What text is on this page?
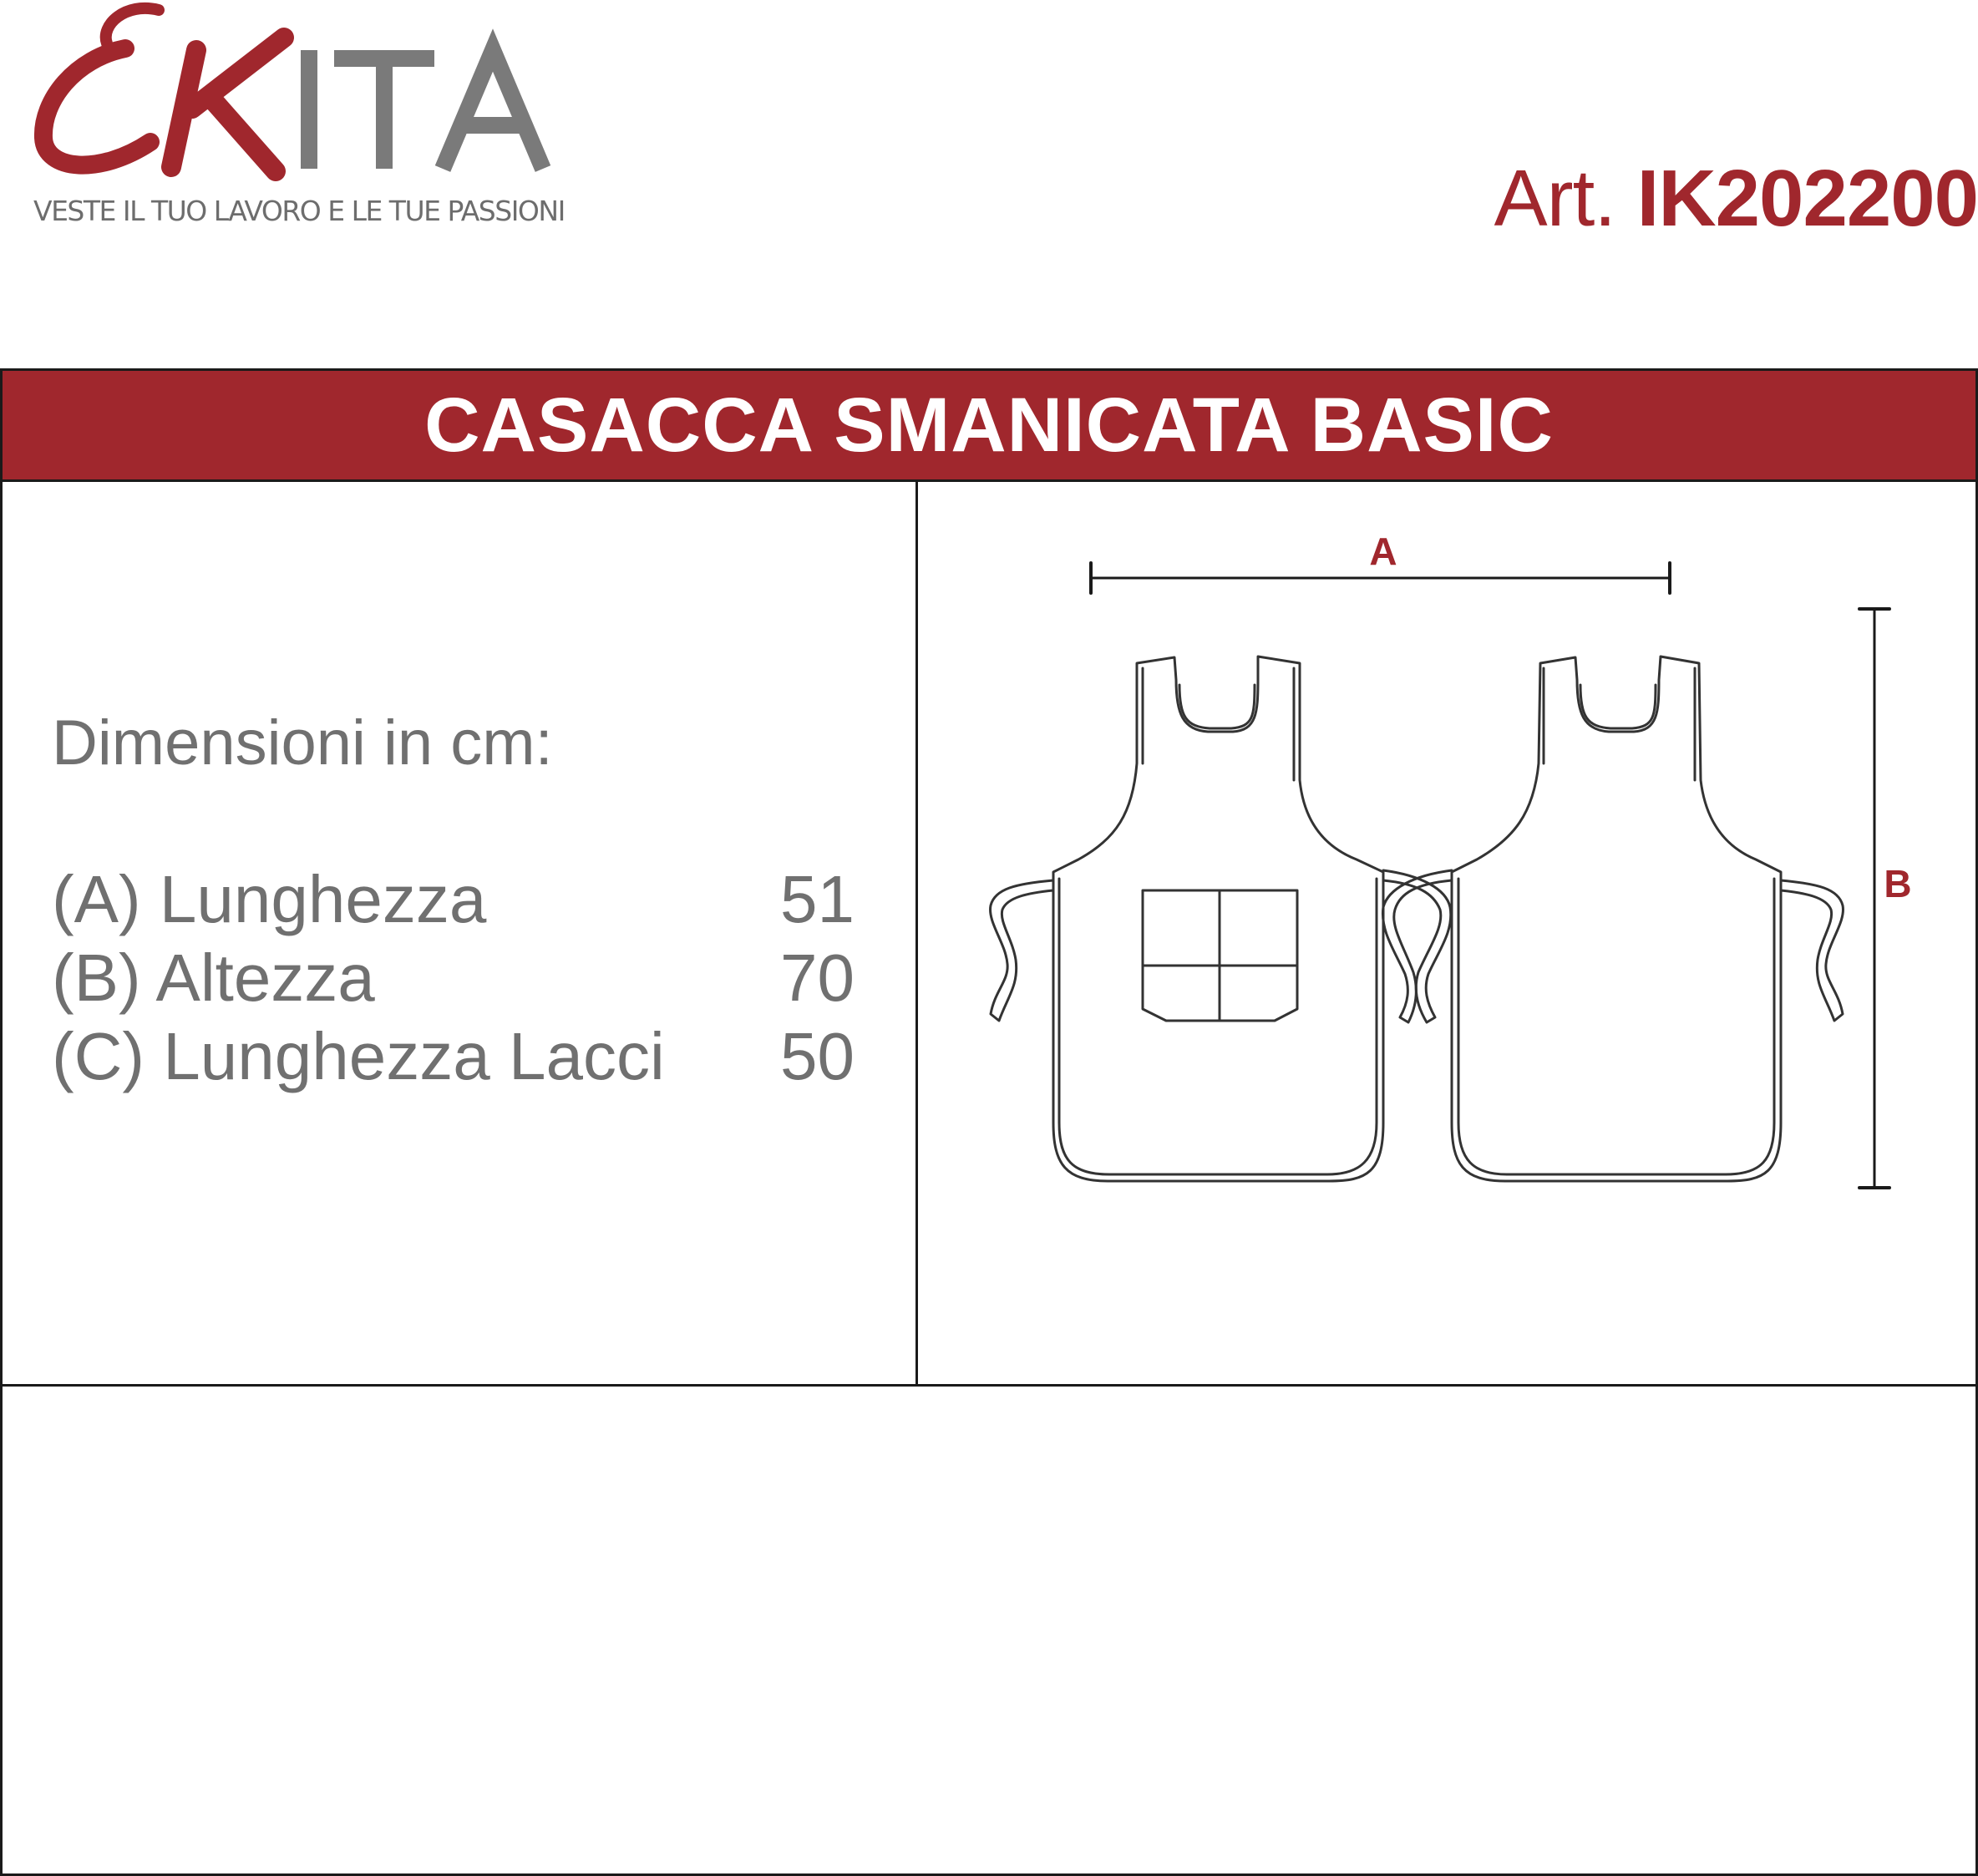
VESTE IL TUO LAVORO E LE TUE PASSIONI	Art. IK202200
CASACCA SMANICATA BASIC
Dimensioni in cm:
(A) Lunghezza	51
(B) Altezza	70
(C) Lunghezza Lacci 50
A
B
